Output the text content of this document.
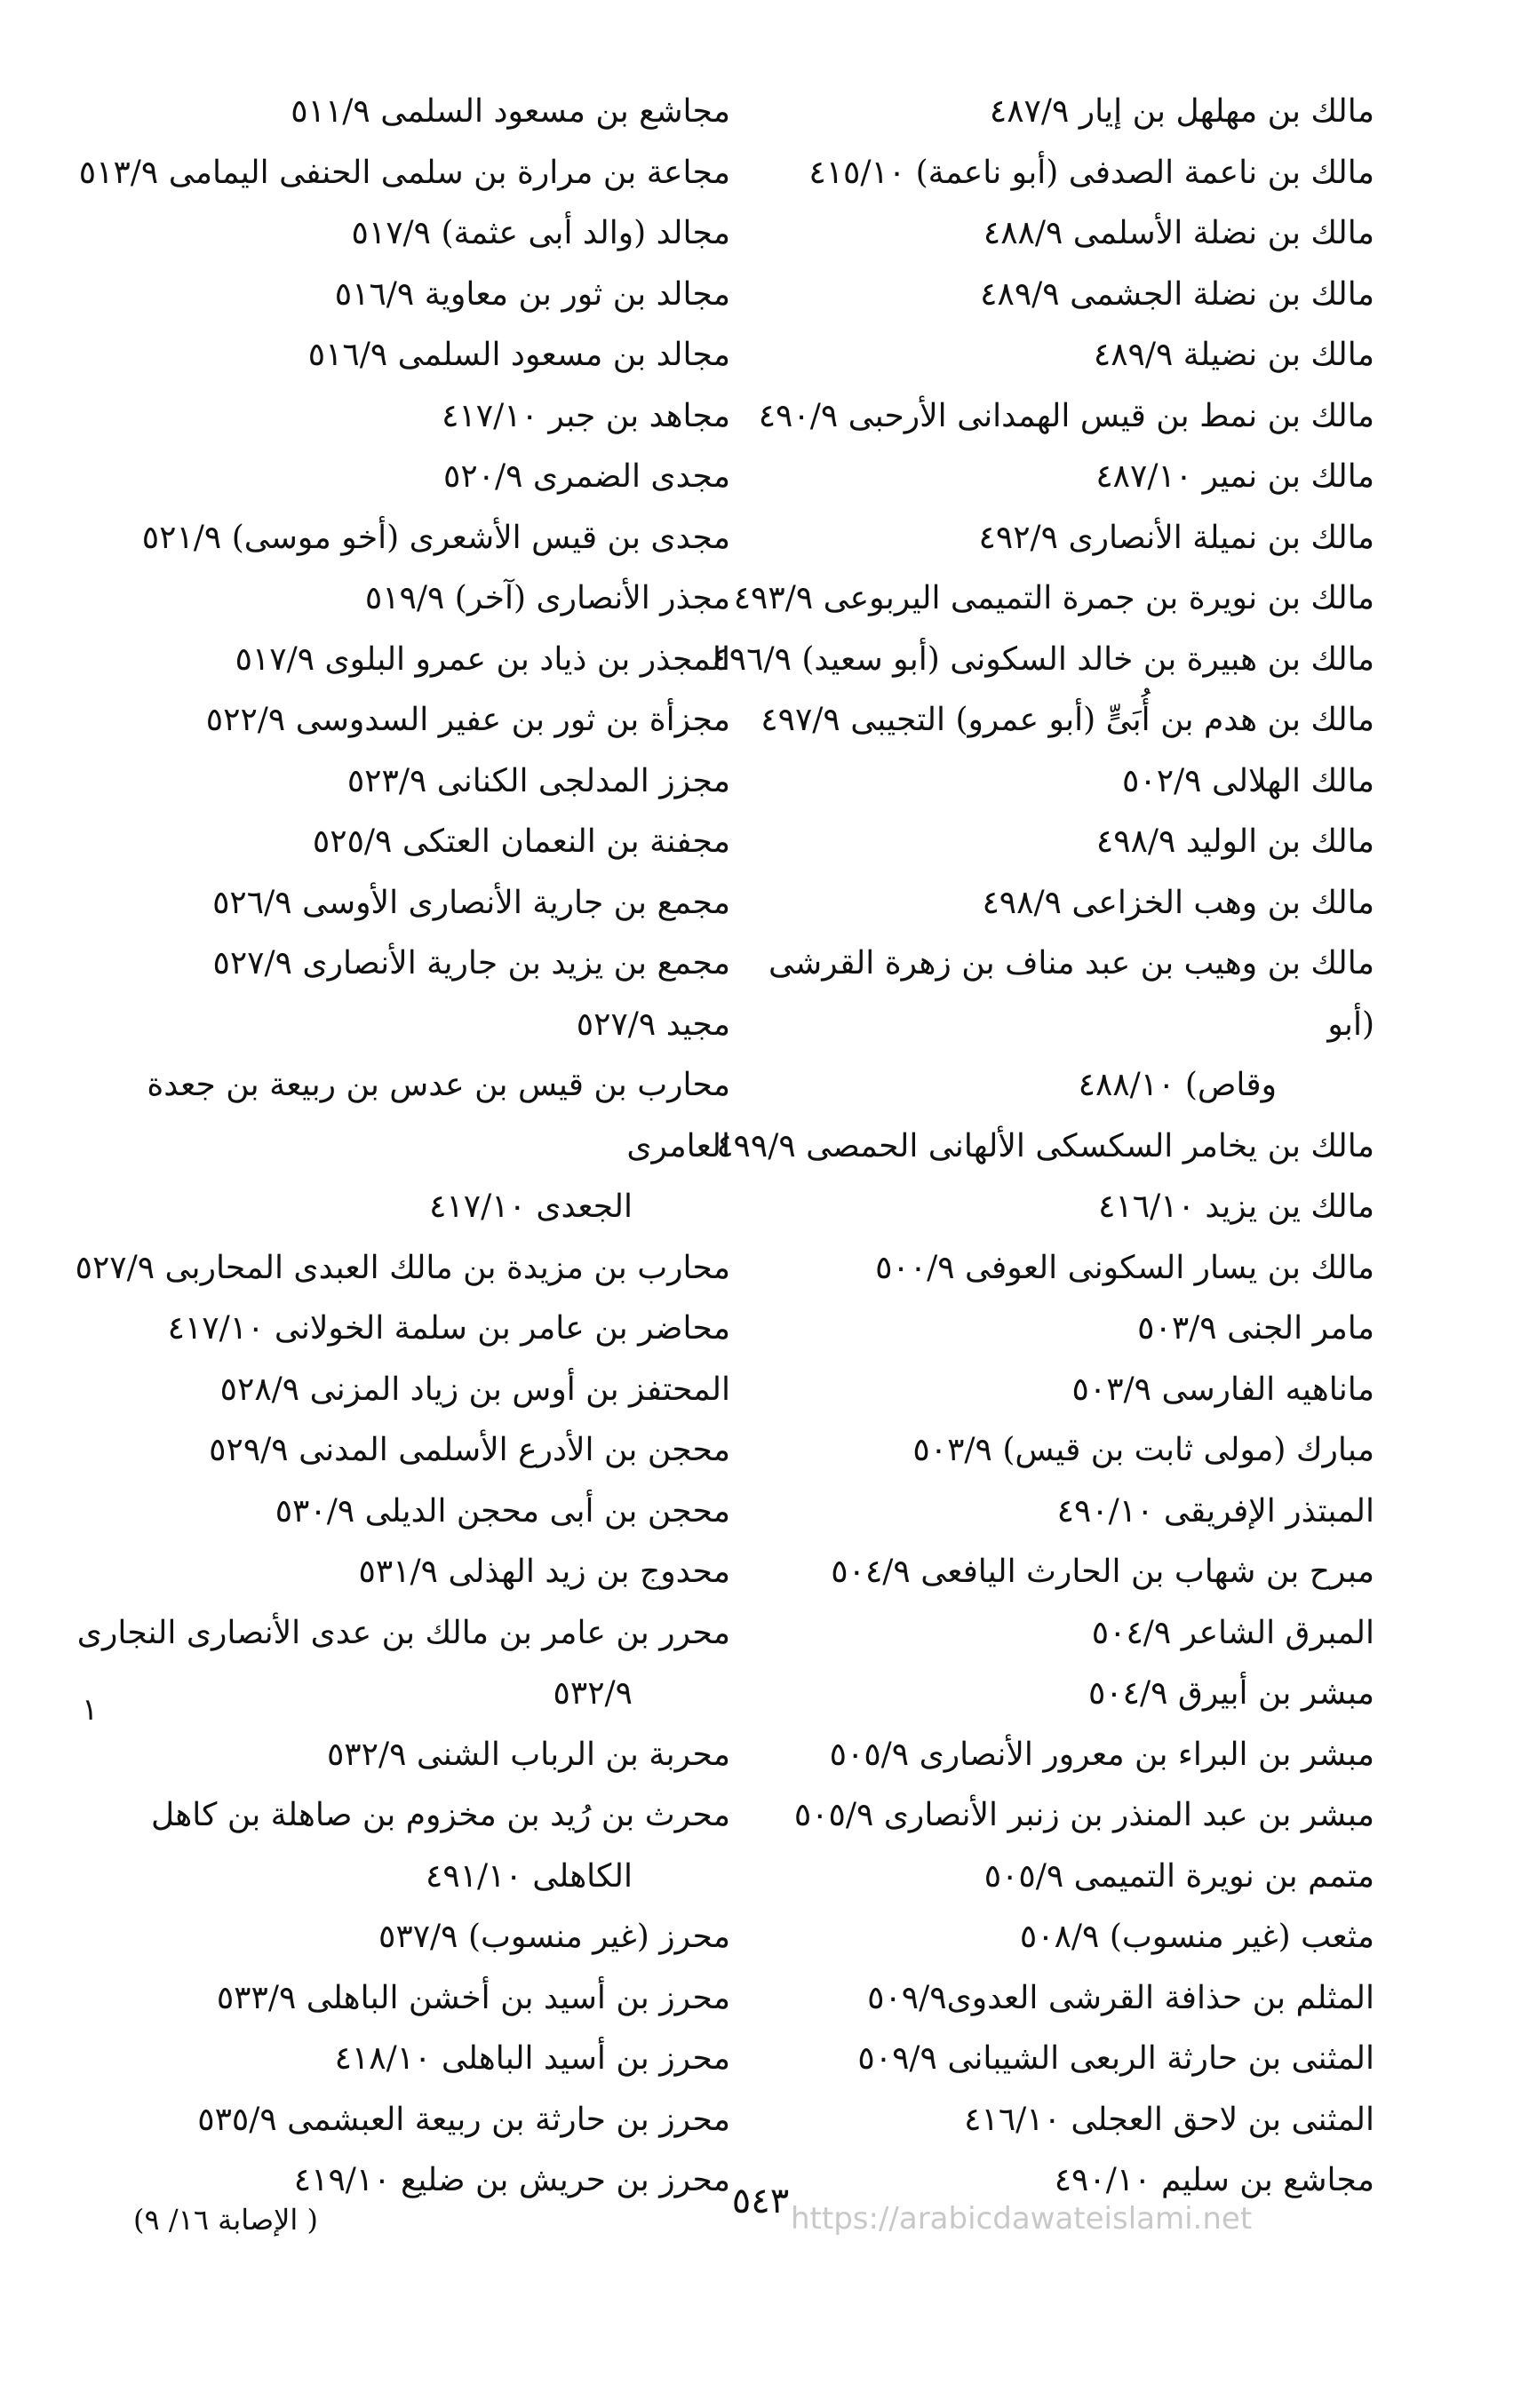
مالك بن مهلهل بن إيار ٤٨٧/٩

مالك بن ناعمة الصدفى (أبو ناعمة) ٤١٥/١٠

مالك بن نضلة الأسلمى ٤٨٨/٩

مالك بن نضلة الجشمى ٤٨٩/٩

مالك بن نضيلة ٤٨٩/٩

مالك بن نمط بن قيس الهمدانى الأرحبى ٤٩٠/٩

مالك بن نمير ٤٨٧/١٠

مالك بن نميلة الأنصارى ٤٩٢/٩

مالك بن نويرة بن جمرة التميمى اليربوعى ٤٩٣/٩

مالك بن هبيرة بن خالد السكونى (أبو سعيد) ٤٩٦/٩

مالك بن هدم بن أُبَىٍّ (أبو عمرو) التجيبى ٤٩٧/٩

مالك الهلالى ٥٠٢/٩

مالك بن الوليد ٤٩٨/٩

مالك بن وهب الخزاعى ٤٩٨/٩

مالك بن وهيب بن عبد مناف بن زهرة القرشى (أبو
وقاص) ٤٨٨/١٠

مالك بن يخامر السكسكى الألهانى الحمصى ٤٩٩/٩

مالك ين يزيد ٤١٦/١٠

مالك بن يسار السكونى العوفى ٥٠٠/٩

مامر الجنى ٥٠٣/٩

ماناهيه الفارسى ٥٠٣/٩

مبارك (مولى ثابت بن قيس) ٥٠٣/٩

المبتذر الإفريقى ٤٩٠/١٠

مبرح بن شهاب بن الحارث اليافعى ٥٠٤/٩

المبرق الشاعر ٥٠٤/٩

مبشر بن أبيرق ٥٠٤/٩

مبشر بن البراء بن معرور الأنصارى ٥٠٥/٩

مبشر بن عبد المنذر بن زنبر الأنصارى ٥٠٥/٩

متمم بن نويرة التميمى ٥٠٥/٩

مثعب (غير منسوب) ٥٠٨/٩

المثلم بن حذافة القرشى العدوى٥٠٩/٩

المثنى بن حارثة الربعى الشيبانى ٥٠٩/٩

المثنى بن لاحق العجلى ٤١٦/١٠

مجاشع بن سليم ٤٩٠/١٠

مجاشع بن مسعود السلمى ٥١١/٩

مجاعة بن مرارة بن سلمى الحنفى اليمامى ٥١٣/٩

مجالد (والد أبى عثمة) ٥١٧/٩

مجالد بن ثور بن معاوية ٥١٦/٩

مجالد بن مسعود السلمى ٥١٦/٩

مجاهد بن جبر ٤١٧/١٠

مجدى الضمرى ٥٢٠/٩

مجدى بن قيس الأشعرى (أخو موسى) ٥٢١/٩

مجذر الأنصارى (آخر) ٥١٩/٩

المجذر بن ذياد بن عمرو البلوى ٥١٧/٩

مجزأة بن ثور بن عفير السدوسى ٥٢٢/٩

مجزز المدلجى الكنانى ٥٢٣/٩

مجفنة بن النعمان العتكى ٥٢٥/٩

مجمع بن جارية الأنصارى الأوسى ٥٢٦/٩

مجمع بن يزيد بن جارية الأنصارى ٥٢٧/٩

مجيد ٥٢٧/٩

محارب بن قيس بن عدس بن ربيعة بن جعدة العامرى
الجعدى ٤١٧/١٠

محارب بن مزيدة بن مالك العبدى المحاربى ٥٢٧/٩

محاضر بن عامر بن سلمة الخولانى ٤١٧/١٠

المحتفز بن أوس بن زياد المزنى ٥٢٨/٩

محجن بن الأدرع الأسلمى المدنى ٥٢٩/٩

محجن بن أبى محجن الديلى ٥٣٠/٩

محدوج بن زيد الهذلى ٥٣١/٩

محرر بن عامر بن مالك بن عدى الأنصارى النجارى
٥٣٢/٩

محربة بن الرباب الشنى ٥٣٢/٩

محرث بن رُيد بن مخزوم بن صاهلة بن كاهل
الكاهلى ٤٩١/١٠

محرز (غير منسوب) ٥٣٧/٩

محرز بن أسيد بن أخشن الباهلى ٥٣٣/٩

محرز بن أسيد الباهلى ٤١٨/١٠

محرز بن حارثة بن ربيعة العبشمى ٥٣٥/٩

محرز بن حريش بن ضليع ٤١٩/١٠

١
٥٤٣
( الإصابة ١٦/ ٩)	https://arabicdawateislami.net
